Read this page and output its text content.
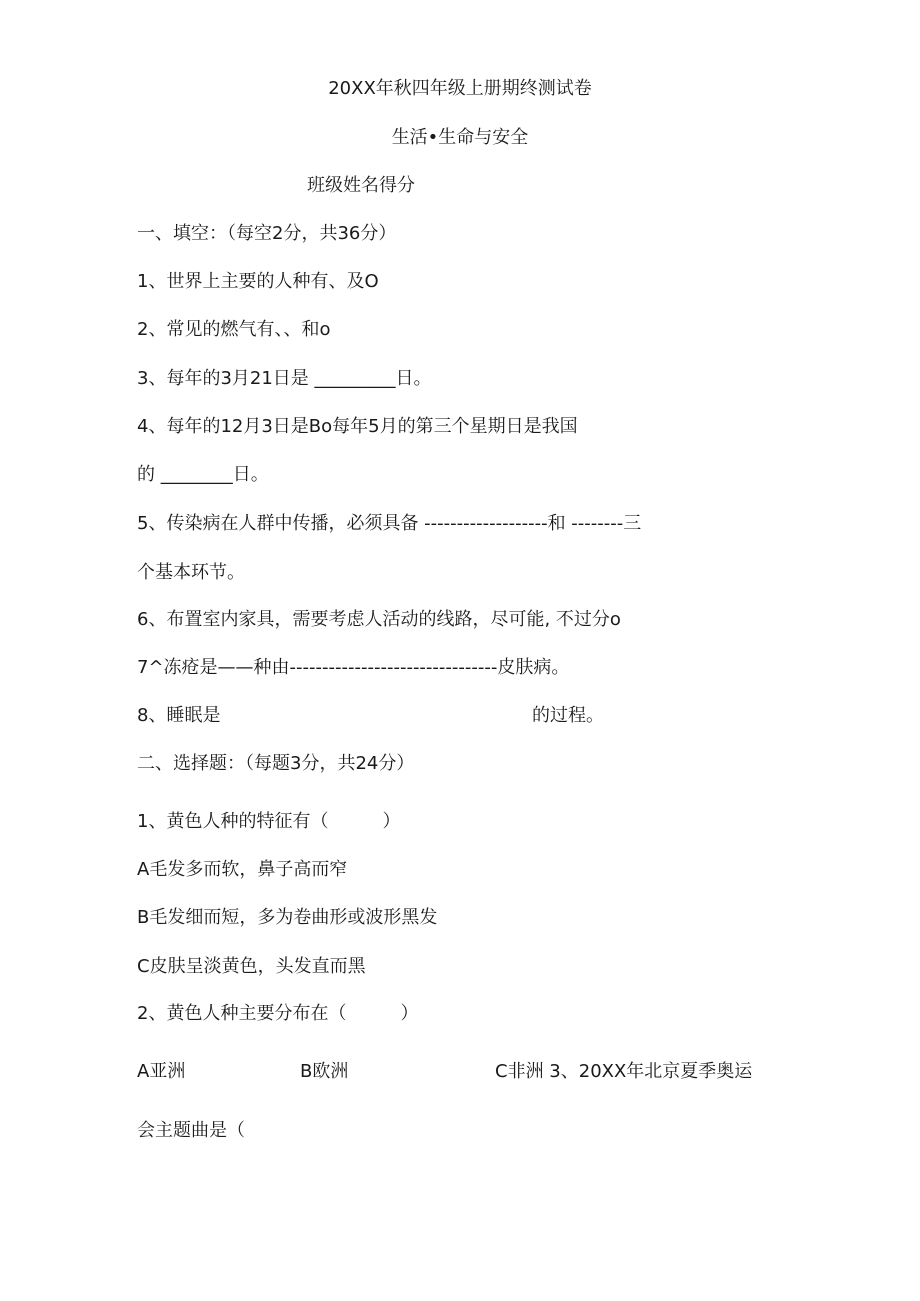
20XX年秋四年级上册期终测试卷
生活•生命与安全
班级姓名得分
一、填空：（每空2分，共36分）
1、世界上主要的人种有、及O
2、常见的燃气有、、和o
3、每年的3月21日是 _________日。
4、每年的12月3日是Bo每年5月的第三个星期日是我国
的 ________日。
5、传染病在人群中传播，必须具备 -------------------和 --------三
个基本环节。
6、布置室内家具，需要考虑人活动的线路，尽可能, 不过分o
7^冻疮是——种由--------------------------------皮肤病。
8、睡眠是	的过程。
二、选择题：（每题3分，共24分）
1、黄色人种的特征有（　　　）
A毛发多而软，鼻子高而窄
B毛发细而短，多为卷曲形或波形黑发
C皮肤呈淡黄色，头发直而黑
2、黄色人种主要分布在（　　　）
A亚洲	B欧洲	C非洲 3、20XX年北京夏季奥运
会主题曲是（
